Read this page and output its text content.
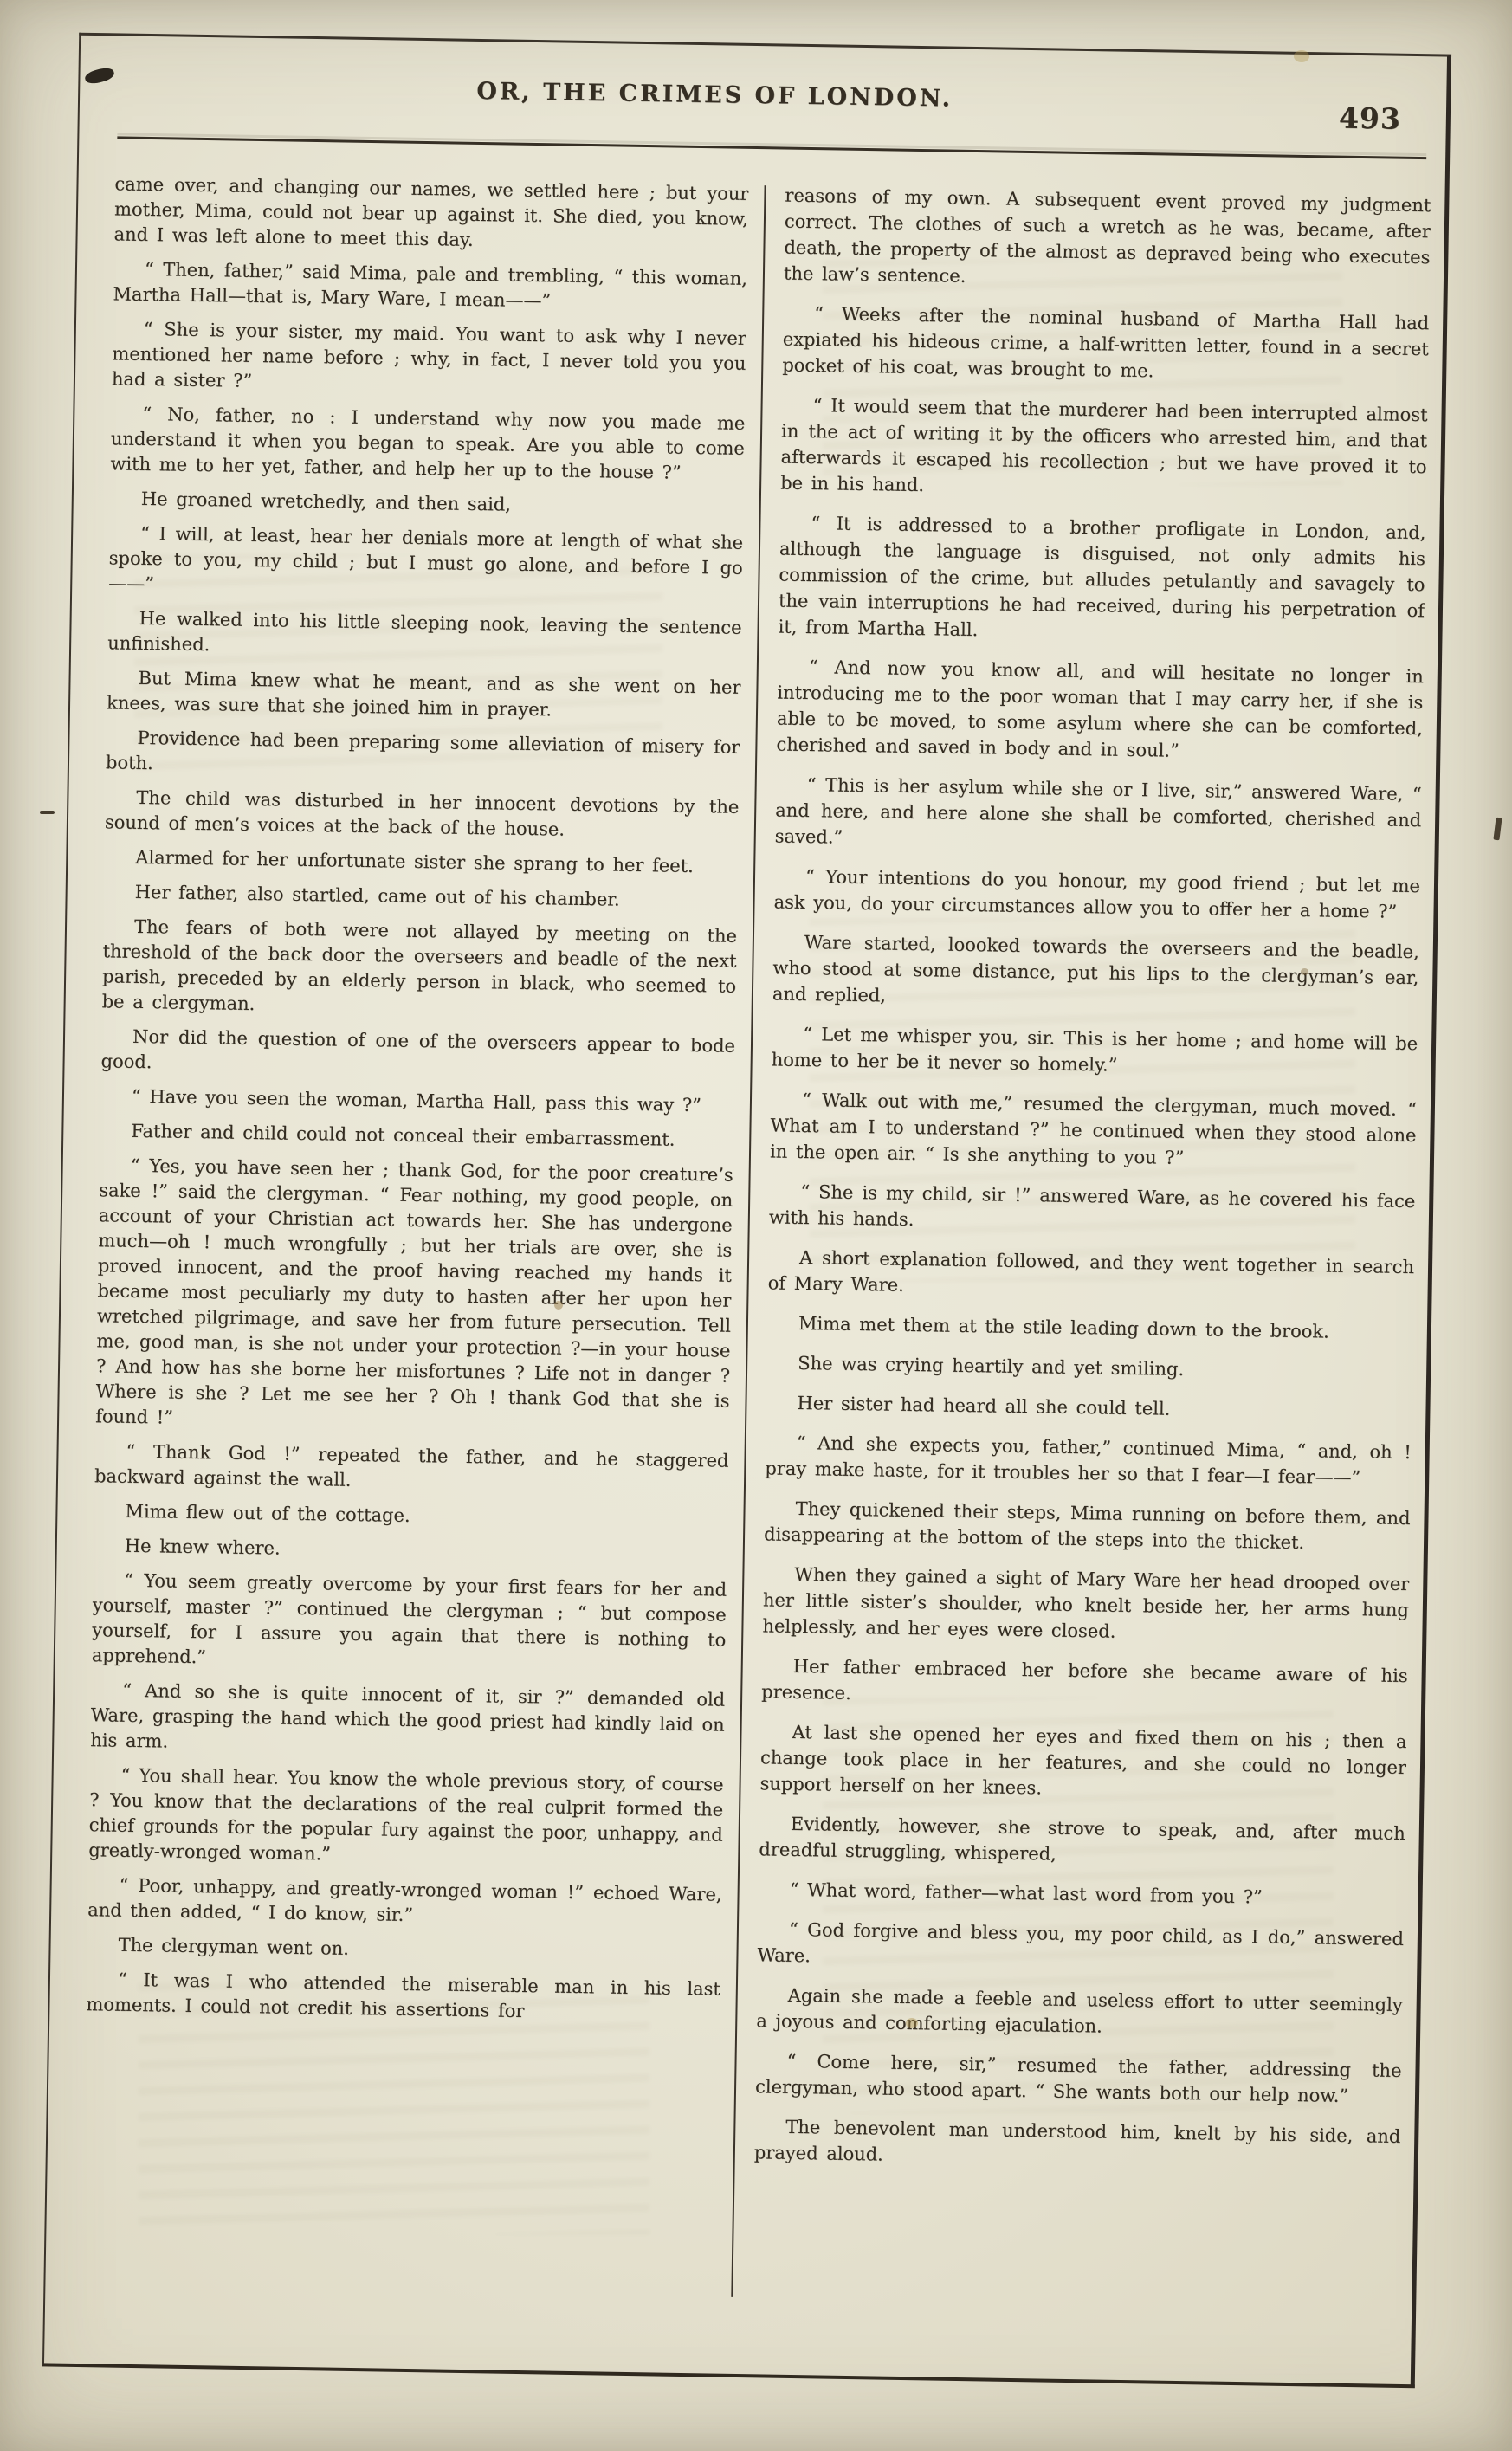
OR, THE CRIMES OF LONDON.
493

came over, and changing our names, we settled here ; but your mother, Mima, could not bear up against it. She died, you know, and I was left alone to meet this day.

“ Then, father,” said Mima, pale and trembling, “ this woman, Martha Hall—that is, Mary Ware, I mean——”

“ She is your sister, my maid. You want to ask why I never mentioned her name before ; why, in fact, I never told you you had a sister ?”

“ No, father, no : I understand why now you made me understand it when you began to speak. Are you able to come with me to her yet, father, and help her up to the house ?”

He groaned wretchedly, and then said,

“ I will, at least, hear her denials more at length of what she spoke to you, my child ; but I must go alone, and before I go——”

He walked into his little sleeping nook, leaving the sentence unfinished.

But Mima knew what he meant, and as she went on her knees, was sure that she joined him in prayer.

Providence had been preparing some alleviation of misery for both.

The child was disturbed in her innocent devotions by the sound of men’s voices at the back of the house.

Alarmed for her unfortunate sister she sprang to her feet.

Her father, also startled, came out of his chamber.

The fears of both were not allayed by meeting on the threshold of the back door the overseers and beadle of the next parish, preceded by an elderly person in black, who seemed to be a clergyman.

Nor did the question of one of the overseers appear to bode good.

“ Have you seen the woman, Martha Hall, pass this way ?”

Father and child could not conceal their embarrassment.

“ Yes, you have seen her ; thank God, for the poor creature’s sake !” said the clergyman. “ Fear nothing, my good people, on account of your Christian act towards her. She has undergone much—oh ! much wrongfully ; but her trials are over, she is proved innocent, and the proof having reached my hands it became most peculiarly my duty to hasten after her upon her wretched pilgrimage, and save her from future persecution. Tell me, good man, is she not under your protection ?—in your house ? And how has she borne her misfortunes ? Life not in danger ? Where is she ? Let me see her ? Oh ! thank God that she is found !”

“ Thank God !” repeated the father, and he staggered backward against the wall.

Mima flew out of the cottage.

He knew where.

“ You seem greatly overcome by your first fears for her and yourself, master ?” continued the clergyman ; “ but compose yourself, for I assure you again that there is nothing to apprehend.”

“ And so she is quite innocent of it, sir ?” demanded old Ware, grasping the hand which the good priest had kindly laid on his arm.

“ You shall hear. You know the whole previous story, of course ? You know that the declarations of the real culprit formed the chief grounds for the popular fury against the poor, unhappy, and greatly-wronged woman.”

“ Poor, unhappy, and greatly-wronged woman !” echoed Ware, and then added, “ I do know, sir.”

The clergyman went on.

“ It was I who attended the miserable man in his last moments. I could not credit his assertions for

reasons of my own. A subsequent event proved my judgment correct. The clothes of such a wretch as he was, became, after death, the property of the almost as depraved being who executes the law’s sentence.

“ Weeks after the nominal husband of Martha Hall had expiated his hideous crime, a half-written letter, found in a secret pocket of his coat, was brought to me.

“ It would seem that the murderer had been interrupted almost in the act of writing it by the officers who arrested him, and that afterwards it escaped his recollection ; but we have proved it to be in his hand.

“ It is addressed to a brother profligate in London, and, although the language is disguised, not only admits his commission of the crime, but alludes petulantly and savagely to the vain interruptions he had received, during his perpetration of it, from Martha Hall.

“ And now you know all, and will hesitate no longer in introducing me to the poor woman that I may carry her, if she is able to be moved, to some asylum where she can be comforted, cherished and saved in body and in soul.”

“ This is her asylum while she or I live, sir,” answered Ware, “ and here, and here alone she shall be comforted, cherished and saved.”

“ Your intentions do you honour, my good friend ; but let me ask you, do your circumstances allow you to offer her a home ?”

Ware started, loooked towards the overseers and the beadle, who stood at some distance, put his lips to the clergyman’s ear, and replied,

“ Let me whisper you, sir. This is her home ; and home will be home to her be it never so homely.”

“ Walk out with me,” resumed the clergyman, much moved. “ What am I to understand ?” he continued when they stood alone in the open air. “ Is she anything to you ?”

“ She is my child, sir !” answered Ware, as he covered his face with his hands.

A short explanation followed, and they went together in search of Mary Ware.

Mima met them at the stile leading down to the brook.

She was crying heartily and yet smiling.

Her sister had heard all she could tell.

“ And she expects you, father,” continued Mima, “ and, oh ! pray make haste, for it troubles her so that I fear—I fear——”

They quickened their steps, Mima running on before them, and disappearing at the bottom of the steps into the thicket.

When they gained a sight of Mary Ware her head drooped over her little sister’s shoulder, who knelt beside her, her arms hung helplessly, and her eyes were closed.

Her father embraced her before she became aware of his presence.

At last she opened her eyes and fixed them on his ; then a change took place in her features, and she could no longer support herself on her knees.

Evidently, however, she strove to speak, and, after much dreadful struggling, whispered,

“ What word, father—what last word from you ?”

“ God forgive and bless you, my poor child, as I do,” answered Ware.

Again she made a feeble and useless effort to utter seemingly a joyous and comforting ejaculation.

“ Come here, sir,” resumed the father, addressing the clergyman, who stood apart. “ She wants both our help now.”

The benevolent man understood him, knelt by his side, and prayed aloud.
